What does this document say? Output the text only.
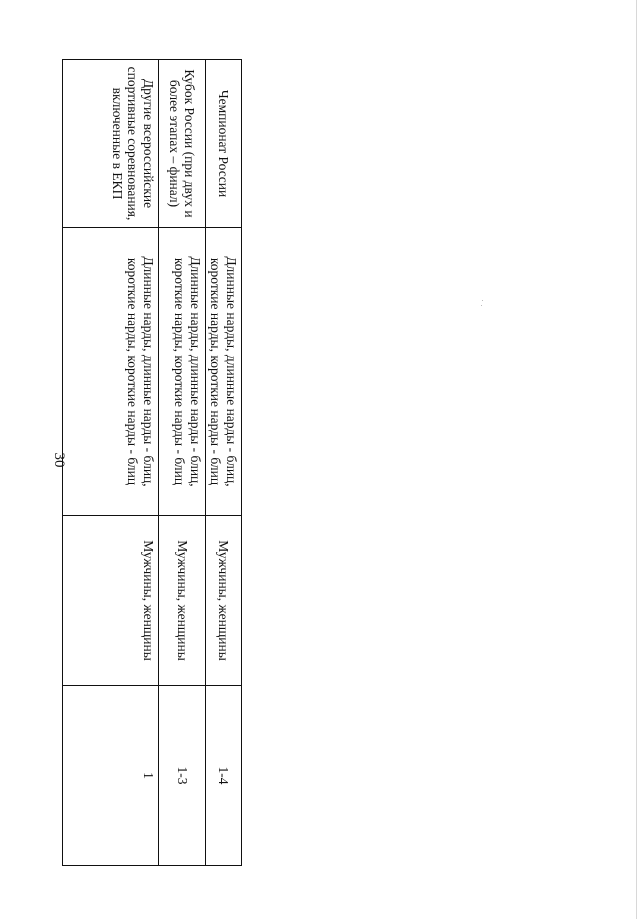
30
Чемпионат России	Длинные нарды, длинные нарды - блиц, короткие нарды, короткие нарды - блиц	Мужчины, женщины	1-4
Кубок России (при двух и более этапах – финал)	Длинные нарды, длинные нарды - блиц, короткие нарды, короткие нарды - блиц	Мужчины, женщины	1-3
Другие всероссийские спортивные соревнования, включенные в ЕКП	Длинные нарды, длинные нарды - блиц, короткие нарды, короткие нарды - блиц	Мужчины, женщины	1
